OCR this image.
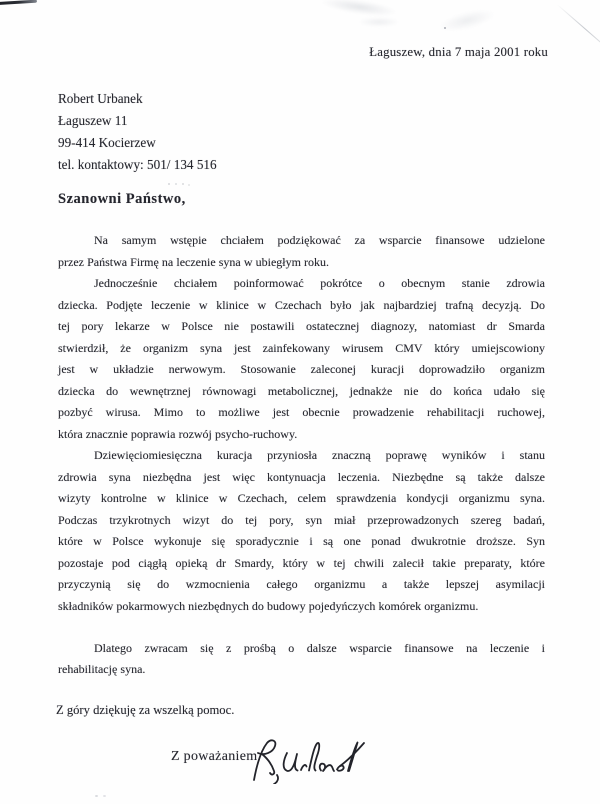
Łaguszew, dnia 7 maja 2001 roku
Robert Urbanek
Łaguszew 11
99-414 Kocierzew
tel. kontaktowy: 501/ 134 516
Szanowni Państwo,
Na samym wstępie chciałem podziękować za wsparcie finansowe udzielone
przez Państwa Firmę na leczenie syna w ubiegłym roku.
Jednocześnie chciałem poinformować pokrótce o obecnym stanie zdrowia
dziecka. Podjęte leczenie w klinice w Czechach było jak najbardziej trafną decyzją. Do
tej pory lekarze w Polsce nie postawili ostatecznej diagnozy, natomiast dr Smarda
stwierdził, że organizm syna jest zainfekowany wirusem CMV który umiejscowiony
jest w układzie nerwowym. Stosowanie zaleconej kuracji doprowadziło organizm
dziecka do wewnętrznej równowagi metabolicznej, jednakże nie do końca udało się
pozbyć wirusa. Mimo to możliwe jest obecnie prowadzenie rehabilitacji ruchowej,
która znacznie poprawia rozwój psycho-ruchowy.
Dziewięciomiesięczna kuracja przyniosła znaczną poprawę wyników i stanu
zdrowia syna niezbędna jest więc kontynuacja leczenia. Niezbędne są także dalsze
wizyty kontrolne w klinice w Czechach, celem sprawdzenia kondycji organizmu syna.
Podczas trzykrotnych wizyt do tej pory, syn miał przeprowadzonych szereg badań,
które w Polsce wykonuje się sporadycznie i są one ponad dwukrotnie droższe. Syn
pozostaje pod ciągłą opieką dr Smardy, który w tej chwili zalecił takie preparaty, które
przyczynią się do wzmocnienia całego organizmu a także lepszej asymilacji
składników pokarmowych niezbędnych do budowy pojedyńczych komórek organizmu.
Dlatego zwracam się z prośbą o dalsze wsparcie finansowe na leczenie i
rehabilitację syna.
Z góry dziękuję za wszelką pomoc.
Z poważaniem
